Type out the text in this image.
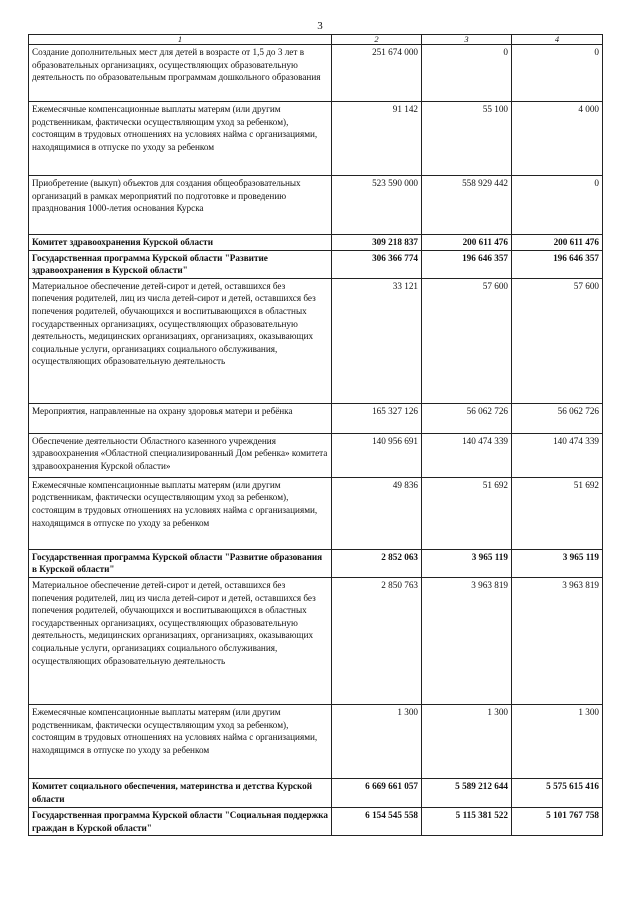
3
1	2	3	4
Создание дополнительных мест для детей в возрасте от 1,5 до 3 лет в образовательных организациях, осуществляющих образовательную деятельность по образовательным программам дошкольного образования	251 674 000	0	0
Ежемесячные компенсационные выплаты матерям (или другим родственникам, фактически осуществляющим уход за ребенком), состоящим в трудовых отношениях на условиях найма с организациями, находящимися в отпуске по уходу за ребенком	91 142	55 100	4 000
Приобретение (выкуп) объектов для создания общеобразовательных организаций в рамках мероприятий по подготовке и проведению празднования 1000-летия основания Курска	523 590 000	558 929 442	0
Комитет здравоохранения Курской области	309 218 837	200 611 476	200 611 476
Государственная программа Курской области "Развитие здравоохранения в Курской области"	306 366 774	196 646 357	196 646 357
Материальное обеспечение детей-сирот и детей, оставшихся без попечения родителей, лиц из числа детей-сирот и детей, оставшихся без попечения родителей, обучающихся и воспитывающихся в областных государственных организациях, осуществляющих образовательную деятельность, медицинских организациях, организациях, оказывающих социальные услуги, организациях социального обслуживания, осуществляющих образовательную деятельность	33 121	57 600	57 600
Мероприятия, направленные на охрану здоровья матери и ребёнка	165 327 126	56 062 726	56 062 726
Обеспечение деятельности Областного казенного учреждения здравоохранения «Областной специализированный Дом ребенка» комитета здравоохранения Курской области»	140 956 691	140 474 339	140 474 339
Ежемесячные компенсационные выплаты матерям (или другим родственникам, фактически осуществляющим уход за ребенком), состоящим в трудовых отношениях на условиях найма с организациями, находящимся в отпуске по уходу за ребенком	49 836	51 692	51 692
Государственная программа Курской области "Развитие образования в Курской области"	2 852 063	3 965 119	3 965 119
Материальное обеспечение детей-сирот и детей, оставшихся без попечения родителей, лиц из числа детей-сирот и детей, оставшихся без попечения родителей, обучающихся и воспитывающихся в областных государственных организациях, осуществляющих образовательную деятельность, медицинских организациях, организациях, оказывающих социальные услуги, организациях социального обслуживания, осуществляющих образовательную деятельность	2 850 763	3 963 819	3 963 819
Ежемесячные компенсационные выплаты матерям (или другим родственникам, фактически осуществляющим уход за ребенком), состоящим в трудовых отношениях на условиях найма с организациями, находящимся в отпуске по уходу за ребенком	1 300	1 300	1 300
Комитет социального обеспечения, материнства и детства Курской области	6 669 661 057	5 589 212 644	5 575 615 416
Государственная программа Курской области "Социальная поддержка граждан в Курской области"	6 154 545 558	5 115 381 522	5 101 767 758
